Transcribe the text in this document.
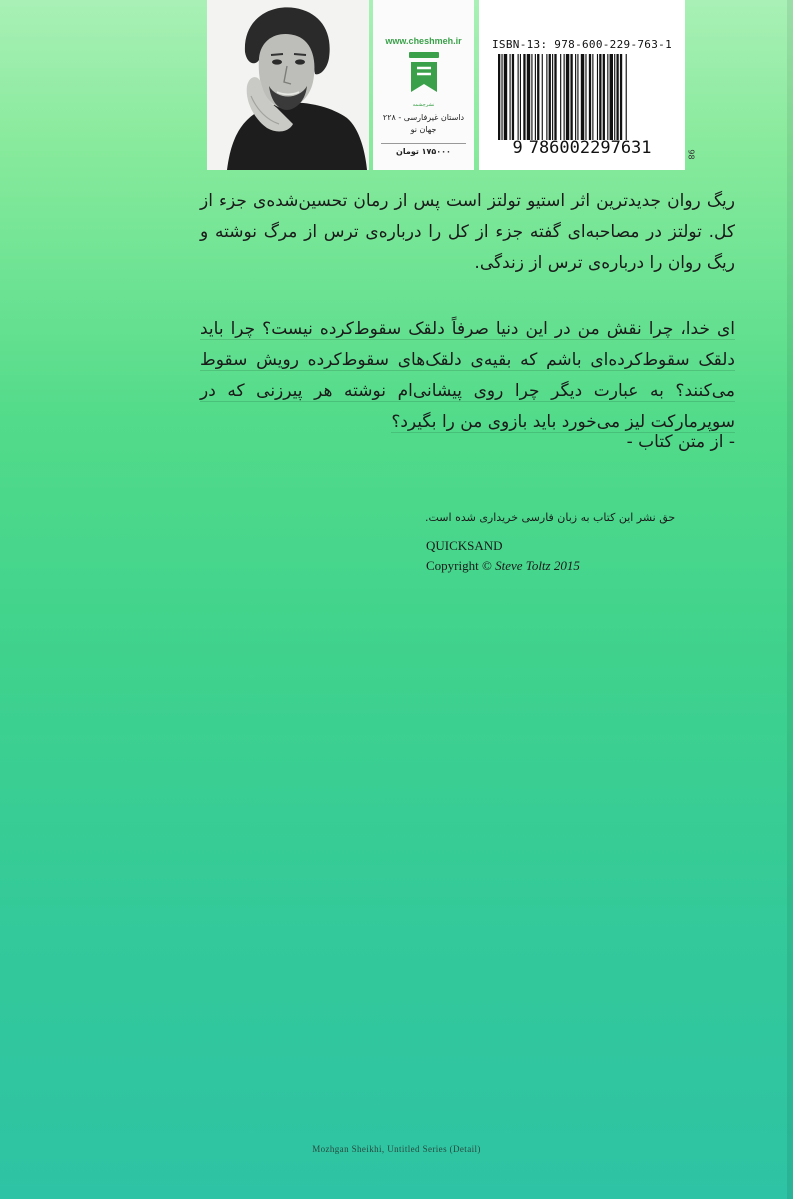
www.cheshmeh.ir
نشرچشمه
داستان غیرفارسی - ۲۲۸
جهان نو
۱۷۵۰۰۰ تومان
ISBN-13: 978-600-229-763-1
9 786002297631	98
ریگ روان جدیدترین اثر استیو تولتز است پس از رمان تحسین‌شده‌ی جزء از کل. تولتز در مصاحبه‌ای گفته جزء از کل را درباره‌ی ترس از مرگ نوشته و ریگ روان را درباره‌ی ترس از زندگی.
ای خدا، چرا نقش من در این دنیا صرفاً دلقک سقوط‌کرده نیست؟ چرا باید دلقک سقوط‌کرده‌ای باشم که بقیه‌ی دلقک‌های سقوط‌کرده رویش سقوط می‌کنند؟ به عبارت دیگر چرا روی پیشانی‌ام نوشته هر پیرزنی که در سوپرمارکت لیز می‌خورد باید بازوی من را بگیرد؟
- از متن کتاب -
حق نشر این کتاب به زبان فارسی خریداری شده است.
QUICKSAND
Copyright © Steve Toltz 2015
Mozhgan Sheikhi, Untitled Series (Detail)
